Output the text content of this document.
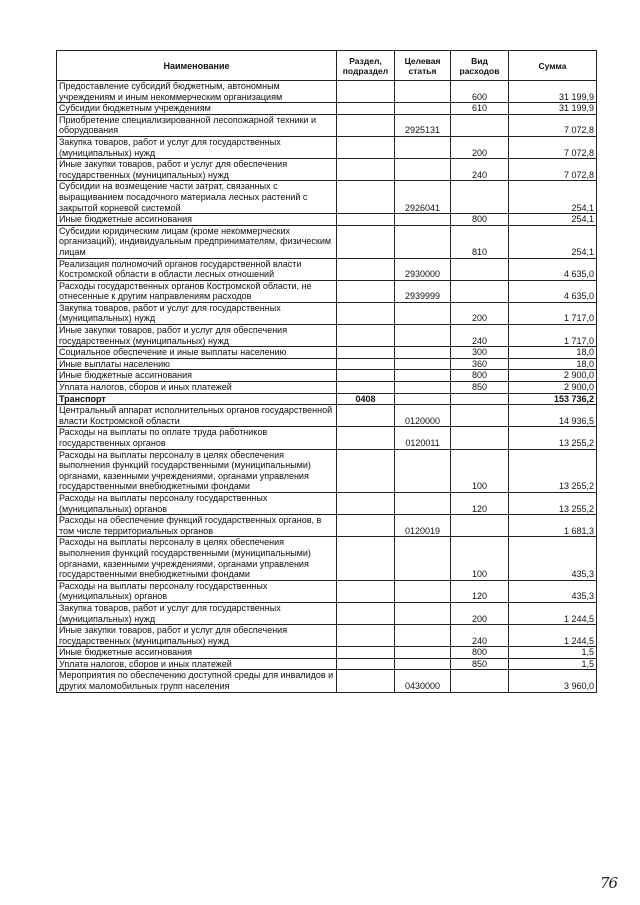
Наименование	Раздел, подраздел	Целевая статья	Вид расходов	Сумма
Предоставление субсидий бюджетным, автономным учреждениям и иным некоммерческим организациям			600	31 199,9
Субсидии бюджетным учреждениям			610	31 199,9
Приобретение специализированной лесопожарной техники и оборудования		2925131		7 072,8
Закупка товаров, работ и услуг для государственных (муниципальных) нужд			200	7 072,8
Иные закупки товаров, работ и услуг для обеспечения государственных (муниципальных) нужд			240	7 072,8
Субсидии на возмещение части затрат, связанных с выращиванием посадочного материала лесных растений с закрытой корневой системой		2926041		254,1
Иные бюджетные ассигнования			800	254,1
Субсидии юридическим лицам (кроме некоммерческих организаций), индивидуальным предпринимателям, физическим лицам			810	254,1
Реализация полномочий органов государственной власти Костромской области в области лесных отношений		2930000		4 635,0
Расходы государственных органов Костромской области, не отнесенные к другим направлениям расходов		2939999		4 635,0
Закупка товаров, работ и услуг для государственных (муниципальных) нужд			200	1 717,0
Иные закупки товаров, работ и услуг для обеспечения государственных (муниципальных) нужд			240	1 717,0
Социальное обеспечение и иные выплаты населению			300	18,0
Иные выплаты населению			360	18,0
Иные бюджетные ассигнования			800	2 900,0
Уплата налогов, сборов и иных платежей			850	2 900,0
Транспорт	0408			153 736,2
Центральный аппарат исполнительных органов государственной власти Костромской области		0120000		14 936,5
Расходы на выплаты по оплате труда работников государственных органов		0120011		13 255,2
Расходы на выплаты персоналу в целях обеспечения выполнения функций государственными (муниципальными) органами, казенными учреждениями, органами управления государственными внебюджетными фондами			100	13 255,2
Расходы на выплаты персоналу государственных (муниципальных) органов			120	13 255,2
Расходы на обеспечение функций государственных органов, в том числе территориальных органов		0120019		1 681,3
Расходы на выплаты персоналу в целях обеспечения выполнения функций государственными (муниципальными) органами, казенными учреждениями, органами управления государственными внебюджетными фондами			100	435,3
Расходы на выплаты персоналу государственных (муниципальных) органов			120	435,3
Закупка товаров, работ и услуг для государственных (муниципальных) нужд			200	1 244,5
Иные закупки товаров, работ и услуг для обеспечения государственных (муниципальных) нужд			240	1 244,5
Иные бюджетные ассигнования			800	1,5
Уплата налогов, сборов и иных платежей			850	1,5
Мероприятия по обеспечению доступной среды для инвалидов и других маломобильных групп населения		0430000		3 960,0
76
